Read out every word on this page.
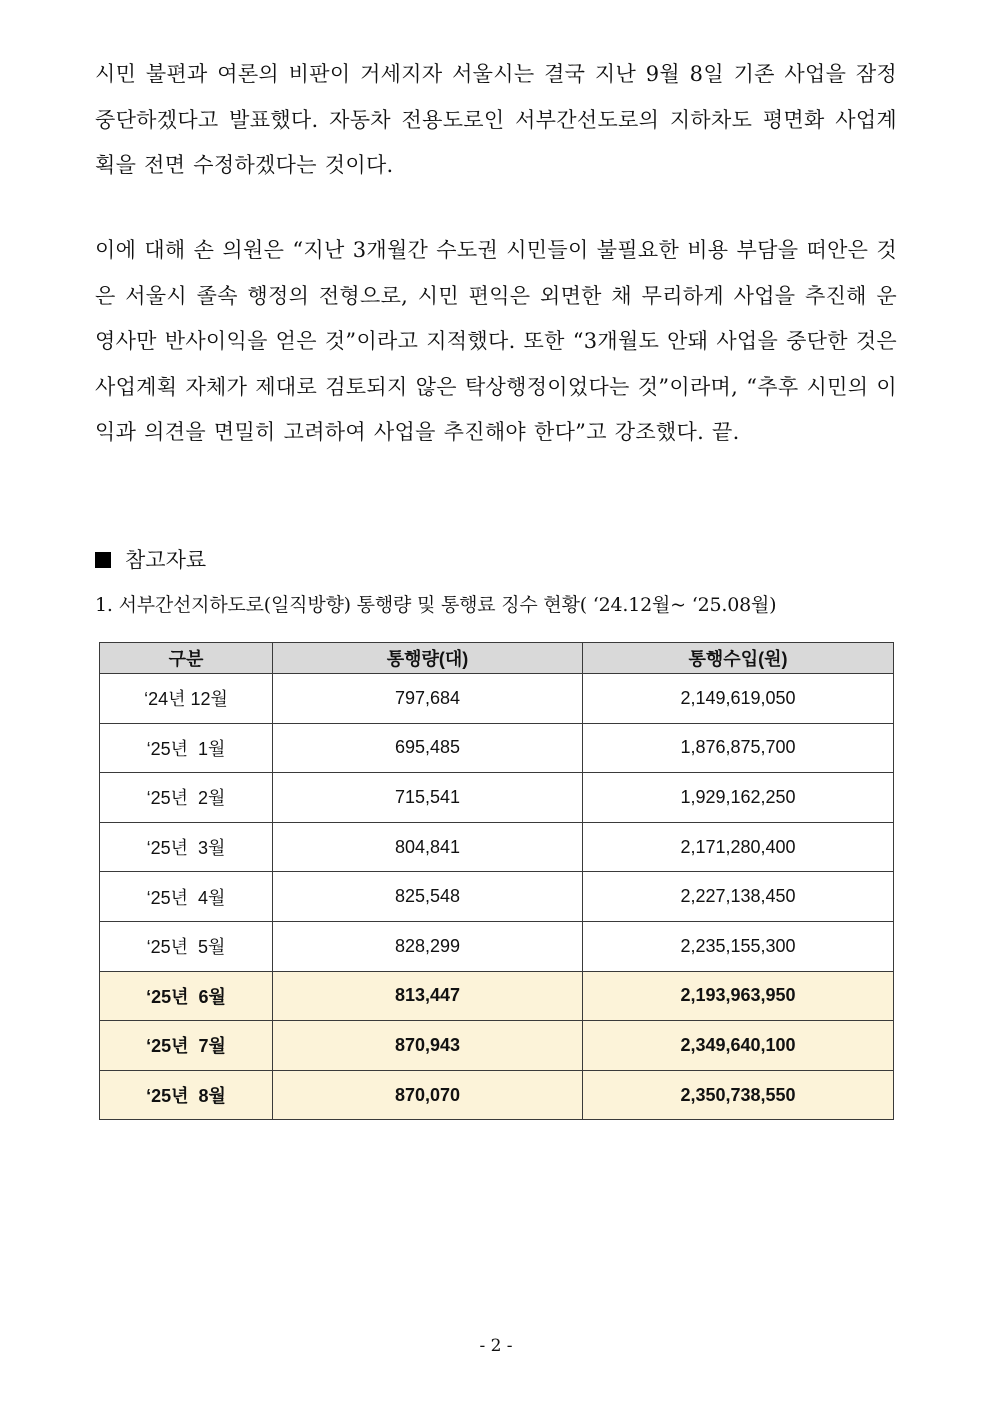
시민 불편과 여론의 비판이 거세지자 서울시는 결국 지난 9월 8일 기존 사업을 잠정 중단하겠다고 발표했다. 자동차 전용도로인 서부간선도로의 지하차도 평면화 사업계획을 전면 수정하겠다는 것이다.

이에 대해 손 의원은 “지난 3개월간 수도권 시민들이 불필요한 비용 부담을 떠안은 것은 서울시 졸속 행정의 전형으로, 시민 편익은 외면한 채 무리하게 사업을 추진해 운영사만 반사이익을 얻은 것”이라고 지적했다. 또한 “3개월도 안돼 사업을 중단한 것은 사업계획 자체가 제대로 검토되지 않은 탁상행정이었다는 것”이라며, “추후 시민의 이익과 의견을 면밀히 고려하여 사업을 추진해야 한다”고 강조했다. 끝.

참고자료

1. 서부간선지하도로(일직방향) 통행량 및 통행료 징수 현황( ‘24.12월~ ‘25.08월)

구분	통행량(대)	통행수입(원)
‘24년 12월	797,684	2,149,619,050
‘25년  1월	695,485	1,876,875,700
‘25년  2월	715,541	1,929,162,250
‘25년  3월	804,841	2,171,280,400
‘25년  4월	825,548	2,227,138,450
‘25년  5월	828,299	2,235,155,300
‘25년  6월	813,447	2,193,963,950
‘25년  7월	870,943	2,349,640,100
‘25년  8월	870,070	2,350,738,550

- 2 -
